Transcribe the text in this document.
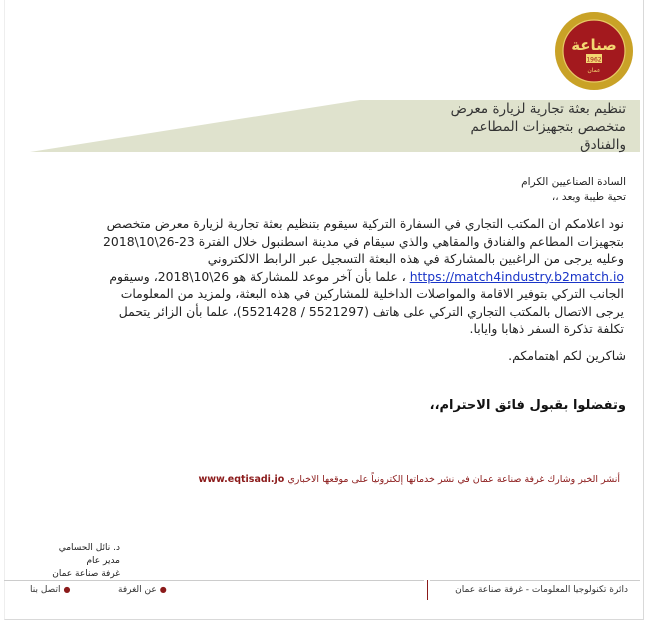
صناعة
1962
عمان
تنظيم بعثة تجارية لزيارة معرض
متخصص بتجهيزات المطاعم
والفنادق
السادة الصناعيين الكرام
تحية طيبة وبعد ،،
نود اعلامكم ان المكتب التجاري في السفارة التركية سيقوم بتنظيم بعثة تجارية لزيارة معرض متخصص
بتجهيزات المطاعم والفنادق والمقاهي والذي سيقام في مدينة اسطنبول خلال الفترة 23-26\10\2018
وعليه يرجى من الراغبين بالمشاركة في هذه البعثة التسجيل عبر الرابط الالكتروني
https://match4industry.b2match.io ، علما بأن آخر موعد للمشاركة هو 26\10\2018، وسيقوم
الجانب التركي بتوفير الاقامة والمواصلات الداخلية للمشاركين في هذه البعثة، ولمزيد من المعلومات
يرجى الاتصال بالمكتب التجاري التركي على هاتف (5521297 / 5521428)، علما بأن الزائر يتحمل
تكلفة تذكرة السفر ذهابا وايابا.
شاكرين لكم اهتمامكم.
وتفضلوا بقبول فائق الاحترام،،
أنشر الخبر وشارك غرفة صناعة عمان في نشر خدماتها إلكترونياً على موقعها الاخباري www.eqtisadi.jo
د. نائل الحسامي
مدير عام
غرفة صناعة عمان
دائرة تكنولوجيا المعلومات - غرفة صناعة عمان
●عن الغرفة
●اتصل بنا
